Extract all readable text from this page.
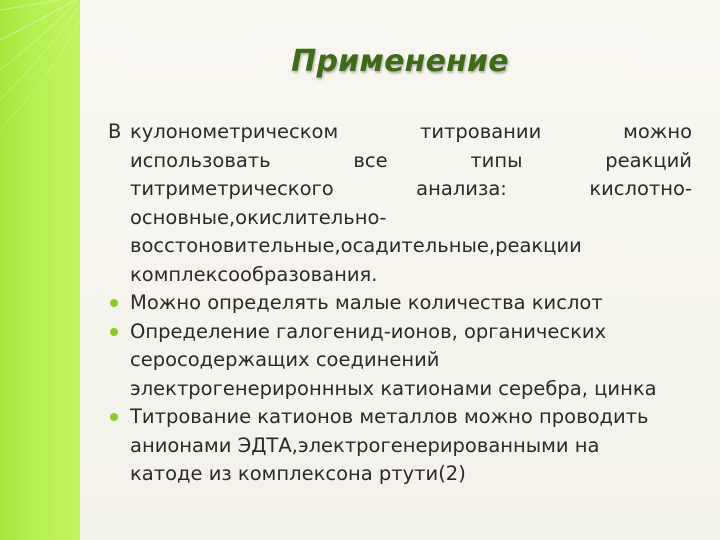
Применение
В кулонометрическом	титровании	можно
использовать	все	типы	реакций
титриметрического	анализа:	кислотно-
основные,окислительно-
восстоновительные,осадительные,реакции
комплексообразования.
Можно определять малые количества кислот
Определение галогенид-ионов, органических
серосодержащих соединений
электрогенерироннных катионами серебра, цинка
Титрование катионов металлов можно проводить
анионами ЭДТА,электрогенерированными на
катоде из комплексона ртути(2)
